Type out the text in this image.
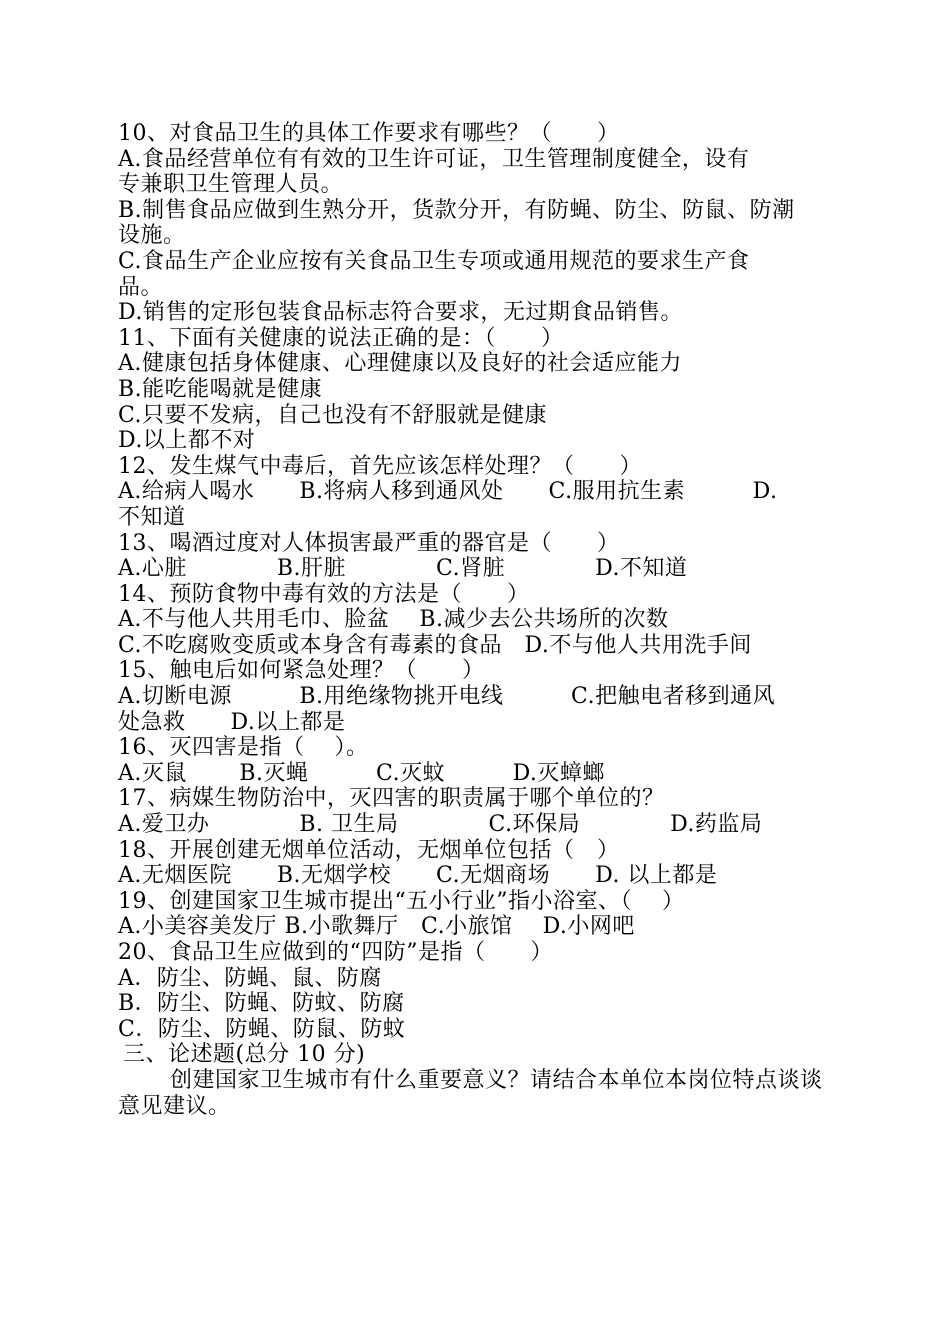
10、对食品卫生的具体工作要求有哪些？（　　）
A.食品经营单位有有效的卫生许可证，卫生管理制度健全，设有
专兼职卫生管理人员。
B.制售食品应做到生熟分开，货款分开，有防蝇、防尘、防鼠、防潮
设施。
C.食品生产企业应按有关食品卫生专项或通用规范的要求生产食
品。
D.销售的定形包装食品标志符合要求，无过期食品销售。
11、下面有关健康的说法正确的是：（　　）
A.健康包括身体健康、心理健康以及良好的社会适应能力
B.能吃能喝就是健康
C.只要不发病，自己也没有不舒服就是健康
D.以上都不对
12、发生煤气中毒后，首先应该怎样处理？（　　）
A.给病人喝水　　B.将病人移到通风处　　C.服用抗生素　　　D.
不知道
13、喝酒过度对人体损害最严重的器官是（　　）
A.心脏　　　　B.肝脏　　　　C.肾脏　　　　D.不知道
14、预防食物中毒有效的方法是（　　）
A.不与他人共用毛巾、脸盆　 B.减少去公共场所的次数
C.不吃腐败变质或本身含有毒素的食品　D.不与他人共用洗手间
15、触电后如何紧急处理？（　　）
A.切断电源　　　B.用绝缘物挑开电线　　　C.把触电者移到通风
处急救　　D.以上都是
16、灭四害是指（　 ）。
A.灭鼠　　 B.灭蝇　　　C.灭蚊　　　D.灭蟑螂
17、病媒生物防治中，灭四害的职责属于哪个单位的？
A.爱卫办　　　　B. 卫生局　　　　C.环保局　　　　D.药监局
18、开展创建无烟单位活动，无烟单位包括（　）
A.无烟医院　　B.无烟学校　　C.无烟商场　　D. 以上都是
19、创建国家卫生城市提出“五小行业”指小浴室、（　 ）
A.小美容美发厅 B.小歌舞厅　C.小旅馆　 D.小网吧
20、食品卫生应做到的“四防”是指（　　）
A．防尘、防蝇、鼠、防腐
B．防尘、防蝇、防蚊、防腐
C．防尘、防蝇、防鼠、防蚊
三、论述题(总分 10 分)
创建国家卫生城市有什么重要意义？请结合本单位本岗位特点谈谈意见建议。
